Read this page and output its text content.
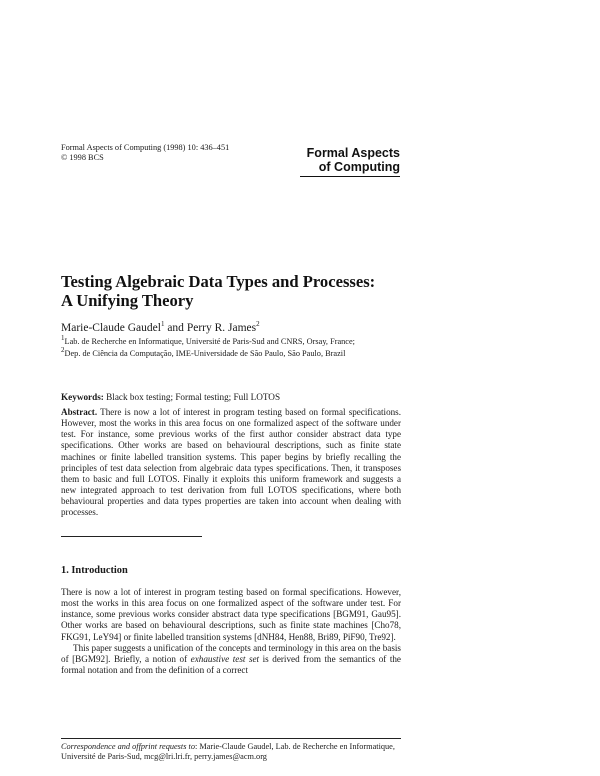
Formal Aspects of Computing (1998) 10: 436–451
© 1998 BCS	Formal Aspects
of Computing
Testing Algebraic Data Types and Processes:
A Unifying Theory
Marie-Claude Gaudel$^1$ and Perry R. James$^2$
$^1$Lab. de Recherche en Informatique, Université de Paris-Sud and CNRS, Orsay, France;
$^2$Dep. de Ciência da Computação, IME-Universidade de São Paulo, São Paulo, Brazil
Keywords: Black box testing; Formal testing; Full LOTOS
Abstract. There is now a lot of interest in program testing based on formal specifications. However, most the works in this area focus on one formalized aspect of the software under test. For instance, some previous works of the first author consider abstract data type specifications. Other works are based on behavioural descriptions, such as finite state machines or finite labelled transition systems. This paper begins by briefly recalling the principles of test data selection from algebraic data types specifications. Then, it transposes them to basic and full LOTOS. Finally it exploits this uniform framework and suggests a new integrated approach to test derivation from full LOTOS specifications, where both behavioural properties and data types properties are taken into account when dealing with processes.
1. Introduction

There is now a lot of interest in program testing based on formal specifications. However, most the works in this area focus on one formalized aspect of the software under test. For instance, some previous works consider abstract data type specifications [BGM91, Gau95]. Other works are based on behavioural descriptions, such as finite state machines [Cho78, FKG91, LeY94] or finite labelled transition systems [dNH84, Hen88, Bri89, PiF90, Tre92].

This paper suggests a unification of the concepts and terminology in this area on the basis of [BGM92]. Briefly, a notion of exhaustive test set is derived from the semantics of the formal notation and from the definition of a correct

Correspondence and offprint requests to: Marie-Claude Gaudel, Lab. de Recherche en Informatique, Université de Paris-Sud, mcg@lri.lri.fr, perry.james@acm.org
